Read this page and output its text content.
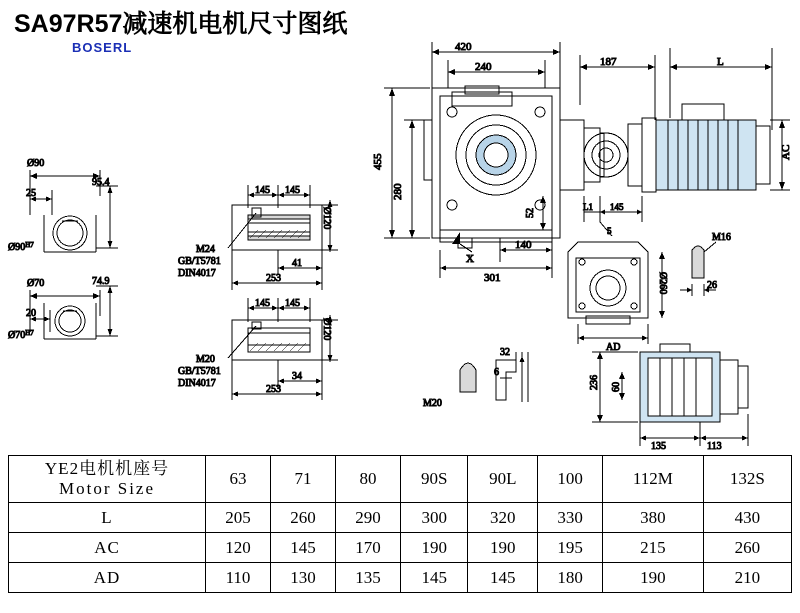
SA97R57减速机电机尺寸图纸
BOSERL
Ø90
25
95.4
$Ø90^{H7}$
Ø70
20
74.9
$Ø70^{H7}$
145 145
Ø120
M24
GB/T5781
DIN4017
41
253
145 145
Ø120
M20
GB/T5781
DIN4017
34
253
420
240	187	L
455
280
52
140
301
X
AC
L1 145
5
Ø260
AD
M16
26
32
6
M20
236 60
135	113
YE2电机机座号
Motor Size	63	71	80	90S	90L	100	112M	132S
L	205	260	290	300	320	330	380	430
AC	120	145	170	190	190	195	215	260
AD	110	130	135	145	145	180	190	210
